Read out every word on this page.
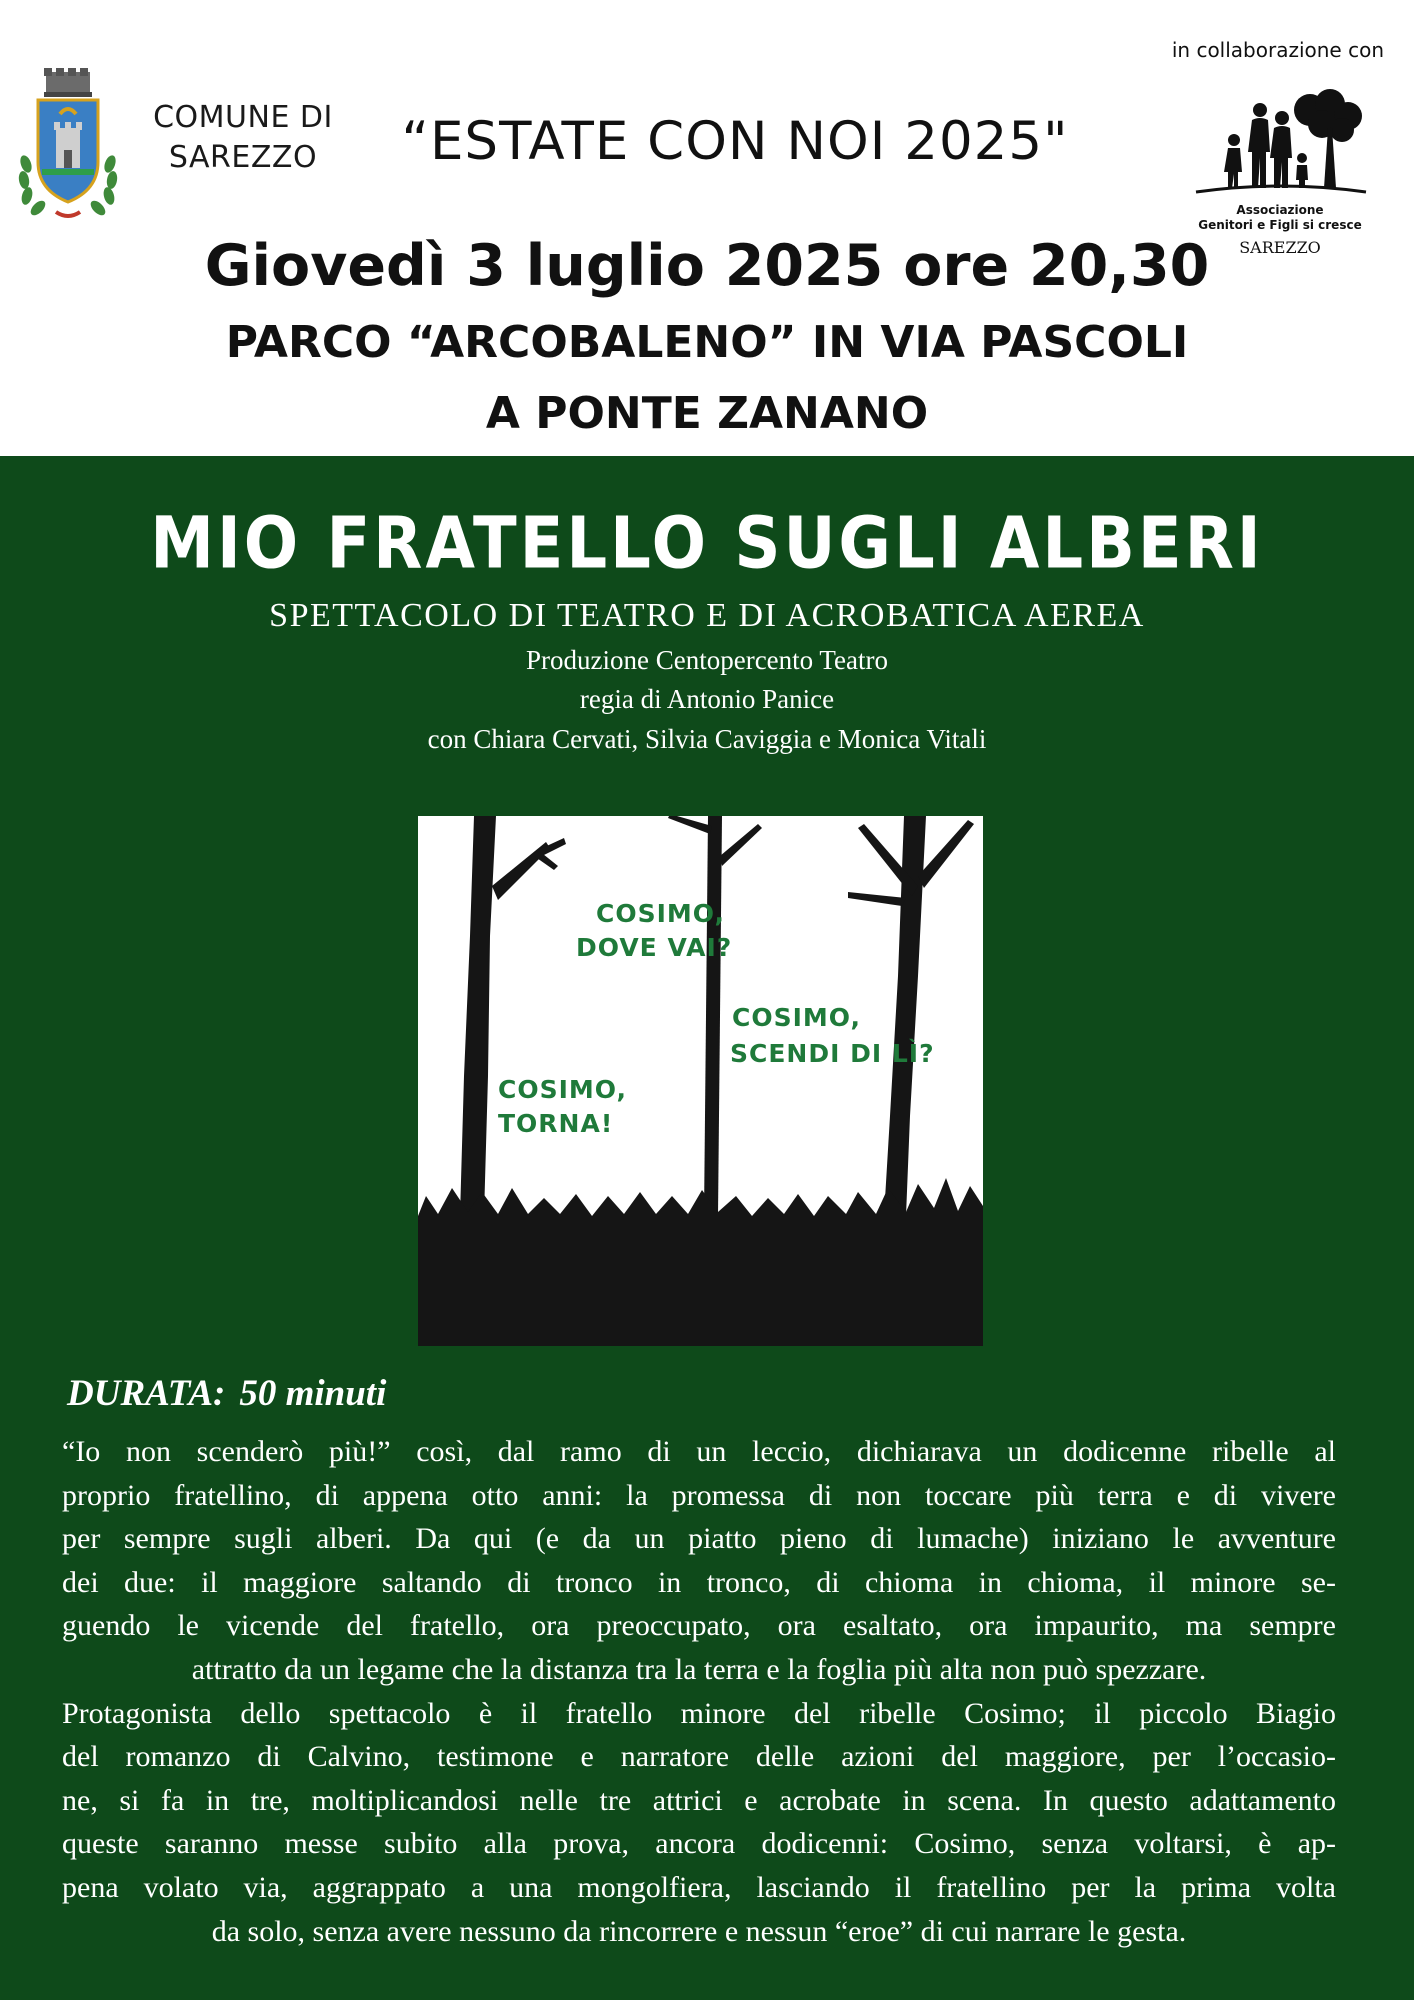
COMUNE DI
SAREZZO
in collaborazione con
Associazione
Genitori e Figli si cresce
SAREZZO
“ESTATE CON NOI 2025"
Giovedì 3 luglio 2025 ore 20,30
PARCO “ARCOBALENO” IN VIA PASCOLI
A PONTE ZANANO
MIO FRATELLO SUGLI ALBERI
SPETTACOLO DI TEATRO E DI ACROBATICA AEREA
Produzione Centopercento Teatro
regia di Antonio Panice
con Chiara Cervati, Silvia Caviggia e Monica Vitali
COSIMO,
DOVE VAI?
COSIMO,
SCENDI DI LÌ?
COSIMO,
TORNA!
DURATA: 50 minuti
“Io non scenderò più!” così, dal ramo di un leccio, dichiarava un dodicenne ribelle al
proprio fratellino, di appena otto anni: la promessa di non toccare più terra e di vivere
per sempre sugli alberi. Da qui (e da un piatto pieno di lumache) iniziano le avventure
dei due: il maggiore saltando di tronco in tronco, di chioma in chioma, il minore se-
guendo le vicende del fratello, ora preoccupato, ora esaltato, ora impaurito, ma sempre
attratto da un legame che la distanza tra la terra e la foglia più alta non può spezzare.
Protagonista dello spettacolo è il fratello minore del ribelle Cosimo; il piccolo Biagio
del romanzo di Calvino, testimone e narratore delle azioni del maggiore, per l’occasio-
ne, si fa in tre, moltiplicandosi nelle tre attrici e acrobate in scena. In questo adattamento
queste saranno messe subito alla prova, ancora dodicenni: Cosimo, senza voltarsi, è ap-
pena volato via, aggrappato a una mongolfiera, lasciando il fratellino per la prima volta
da solo, senza avere nessuno da rincorrere e nessun “eroe” di cui narrare le gesta.
